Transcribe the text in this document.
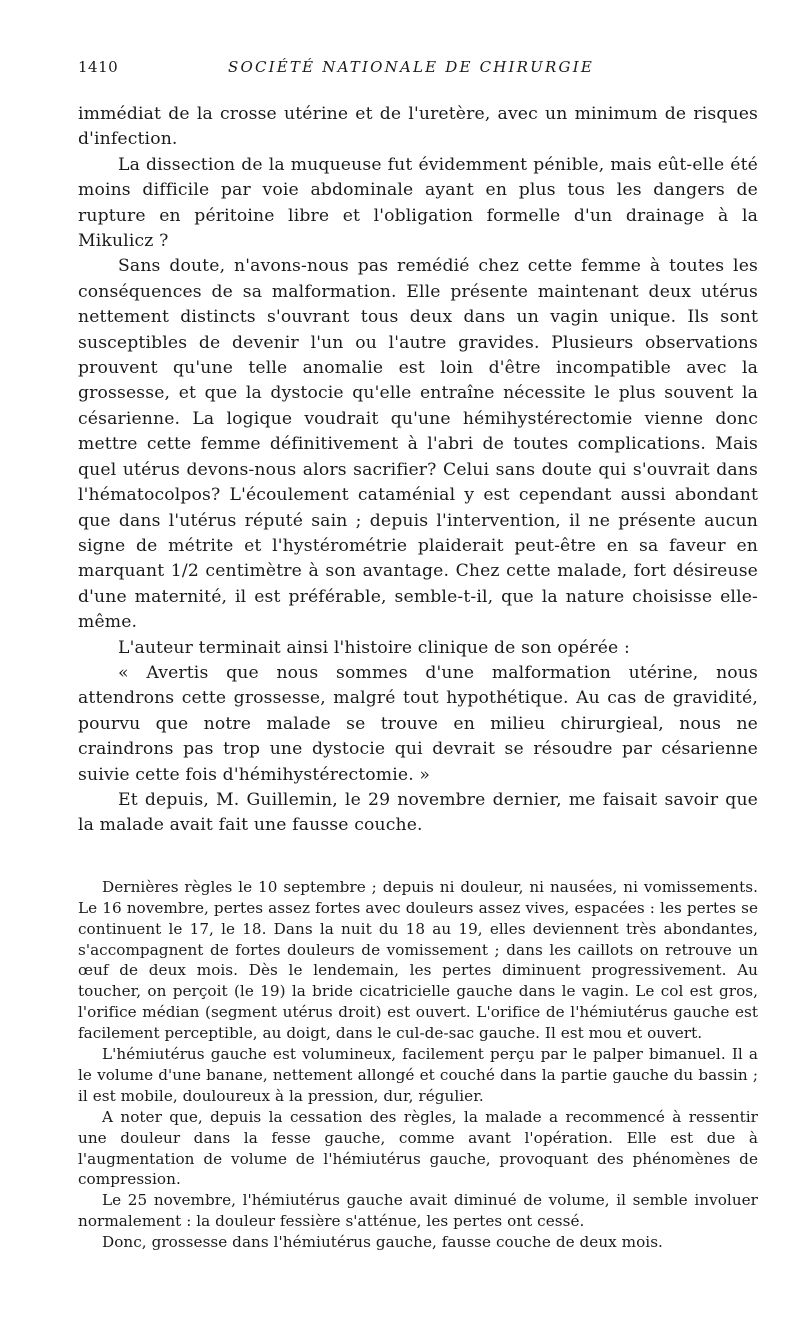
1410	SOCIÉTÉ NATIONALE DE CHIRURGIE

immédiat de la crosse utérine et de l'uretère, avec un minimum de risques d'infection.

La dissection de la muqueuse fut évidemment pénible, mais eût-elle été moins difficile par voie abdominale ayant en plus tous les dangers de rupture en péritoine libre et l'obligation formelle d'un drainage à la Mikulicz ?

Sans doute, n'avons-nous pas remédié chez cette femme à toutes les conséquences de sa malformation. Elle présente maintenant deux utérus nettement distincts s'ouvrant tous deux dans un vagin unique. Ils sont susceptibles de devenir l'un ou l'autre gravides. Plusieurs observations prouvent qu'une telle anomalie est loin d'être incompatible avec la grossesse, et que la dystocie qu'elle entraîne nécessite le plus souvent la césarienne. La logique voudrait qu'une hémihystérectomie vienne donc mettre cette femme définitivement à l'abri de toutes complications. Mais quel utérus devons-nous alors sacrifier? Celui sans doute qui s'ouvrait dans l'hématocolpos? L'écoulement cataménial y est cependant aussi abondant que dans l'utérus réputé sain ; depuis l'intervention, il ne présente aucun signe de métrite et l'hystérométrie plaiderait peut-être en sa faveur en marquant 1/2 centimètre à son avantage. Chez cette malade, fort désireuse d'une maternité, il est préférable, semble-t-il, que la nature choisisse elle-même.

L'auteur terminait ainsi l'histoire clinique de son opérée :

« Avertis que nous sommes d'une malformation utérine, nous attendrons cette grossesse, malgré tout hypothétique. Au cas de gravidité, pourvu que notre malade se trouve en milieu chirurgieal, nous ne craindrons pas trop une dystocie qui devrait se résoudre par césarienne suivie cette fois d'hémihystérectomie. »

Et depuis, M. Guillemin, le 29 novembre dernier, me faisait savoir que la malade avait fait une fausse couche.

Dernières règles le 10 septembre ; depuis ni douleur, ni nausées, ni vomissements. Le 16 novembre, pertes assez fortes avec douleurs assez vives, espacées : les pertes se continuent le 17, le 18. Dans la nuit du 18 au 19, elles deviennent très abondantes, s'accompagnent de fortes douleurs de vomissement ; dans les caillots on retrouve un œuf de deux mois. Dès le lendemain, les pertes diminuent progressivement. Au toucher, on perçoit (le 19) la bride cicatricielle gauche dans le vagin. Le col est gros, l'orifice médian (segment utérus droit) est ouvert. L'orifice de l'hémiutérus gauche est facilement perceptible, au doigt, dans le cul-de-sac gauche. Il est mou et ouvert.

L'hémiutérus gauche est volumineux, facilement perçu par le palper bimanuel. Il a le volume d'une banane, nettement allongé et couché dans la partie gauche du bassin ; il est mobile, douloureux à la pression, dur, régulier.

A noter que, depuis la cessation des règles, la malade a recommencé à ressentir une douleur dans la fesse gauche, comme avant l'opération. Elle est due à l'augmentation de volume de l'hémiutérus gauche, provoquant des phénomènes de compression.

Le 25 novembre, l'hémiutérus gauche avait diminué de volume, il semble involuer normalement : la douleur fessière s'atténue, les pertes ont cessé.

Donc, grossesse dans l'hémiutérus gauche, fausse couche de deux mois.
